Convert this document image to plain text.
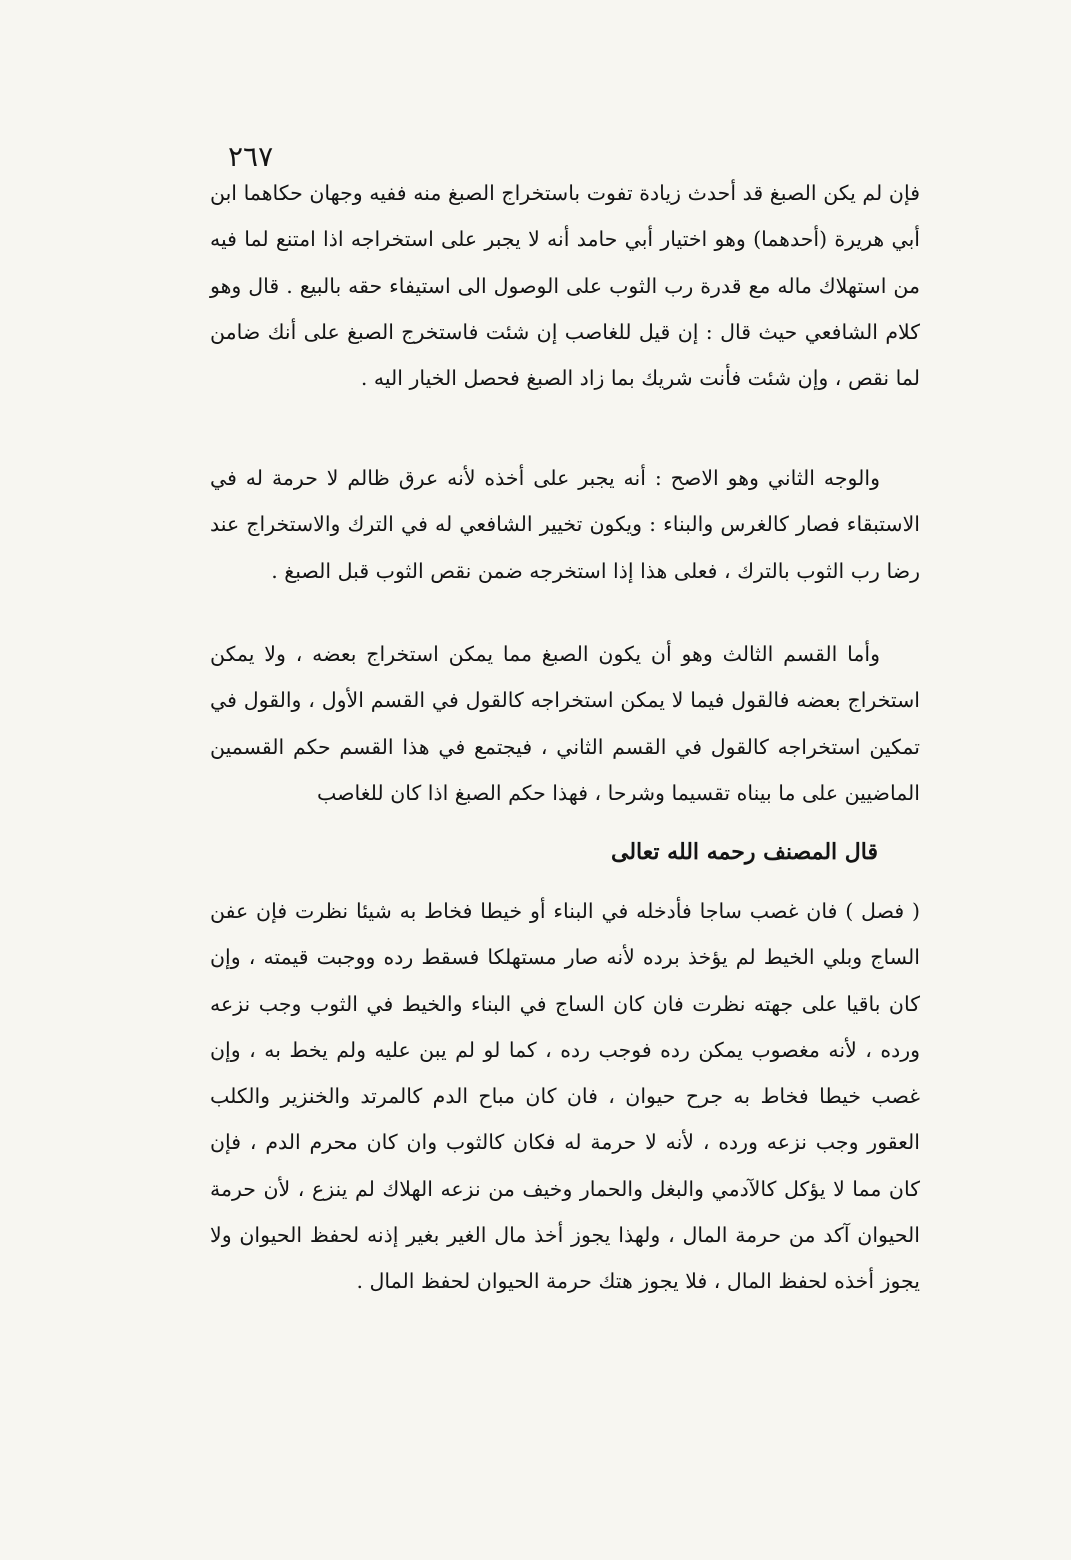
٢٦٧

فإن لم يكن الصبغ قد أحدث زيادة تفوت باستخراج الصبغ منه ففيه وجهان حكاهما ابن أبي هريرة (أحدهما) وهو اختيار أبي حامد أنه لا يجبر على استخراجه اذا امتنع لما فيه من استهلاك ماله مع قدرة رب الثوب على الوصول الى استيفاء حقه بالبيع . قال وهو كلام الشافعي حيث قال : إن قيل للغاصب إن شئت فاستخرج الصبغ على أنك ضامن لما نقص ، وإن شئت فأنت شريك بما زاد الصبغ فحصل الخيار اليه .

والوجه الثاني وهو الاصح : أنه يجبر على أخذه لأنه عرق ظالم لا حرمة له في الاستبقاء فصار كالغرس والبناء : ويكون تخيير الشافعي له في الترك والاستخراج عند رضا رب الثوب بالترك ، فعلى هذا إذا استخرجه ضمن نقص الثوب قبل الصبغ .

وأما القسم الثالث وهو أن يكون الصبغ مما يمكن استخراج بعضه ، ولا يمكن استخراج بعضه فالقول فيما لا يمكن استخراجه كالقول في القسم الأول ، والقول في تمكين استخراجه كالقول في القسم الثاني ، فيجتمع في هذا القسم حكم القسمين الماضيين على ما بيناه تقسيما وشرحا ، فهذا حكم الصبغ اذا كان للغاصب

قال المصنف رحمه الله تعالى

( فصل ) فان غصب ساجا فأدخله في البناء أو خيطا فخاط به شيئا نظرت فإن عفن الساج وبلي الخيط لم يؤخذ برده لأنه صار مستهلكا فسقط رده ووجبت قيمته ، وإن كان باقيا على جهته نظرت فان كان الساج في البناء والخيط في الثوب وجب نزعه ورده ، لأنه مغصوب يمكن رده فوجب رده ، كما لو لم يبن عليه ولم يخط به ، وإن غصب خيطا فخاط به جرح حيوان ، فان كان مباح الدم كالمرتد والخنزير والكلب العقور وجب نزعه ورده ، لأنه لا حرمة له فكان كالثوب وان كان محرم الدم ، فإن كان مما لا يؤكل كالآدمي والبغل والحمار وخيف من نزعه الهلاك لم ينزع ، لأن حرمة الحيوان آكد من حرمة المال ، ولهذا يجوز أخذ مال الغير بغير إذنه لحفظ الحيوان ولا يجوز أخذه لحفظ المال ، فلا يجوز هتك حرمة الحيوان لحفظ المال .
